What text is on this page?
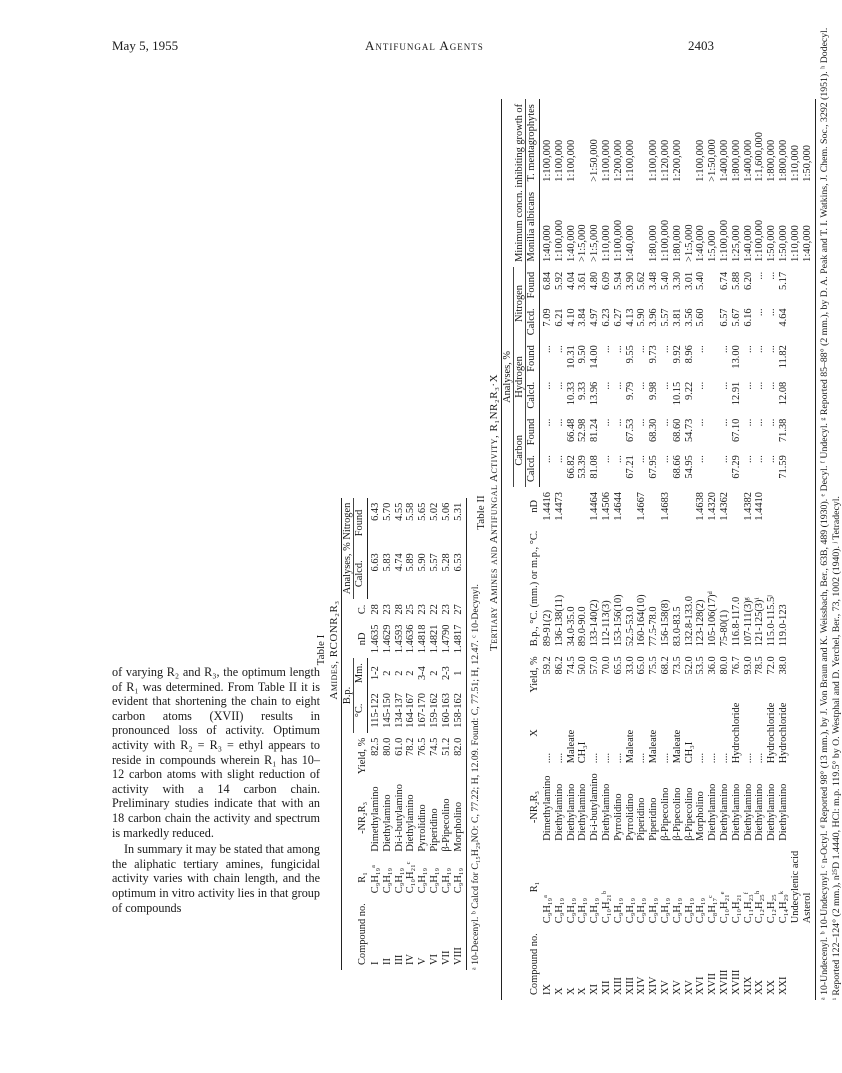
May 5, 1955	Antifungal Agents	2403

of varying R₂ and R₃, the optimum length of R₁ was determined. From Table II it is evident that shortening the chain to eight carbon atoms (XVII) results in pronounced loss of activity. Optimum activity with R₂ = R₃ = ethyl appears to reside in compounds wherein R₁ has 10–12 carbon atoms with slight reduction of activity with a 14 carbon chain. Preliminary studies indicate that with an 18 carbon chain the activity and spectrum is markedly reduced.

In summary it may be stated that among the aliphatic tertiary amines, fungicidal activity varies with chain length, and the optimum in vitro activity lies in that group of compounds

Table I Amides, RCONR₂R₃
Compound no.	R₁	-NR₂R₃	Yield, %	B.p.		nD	C.	Analyses, % Nitrogen	
				°C.	Mm.			Calcd.	Found
I	C₉H₁₉ᵃ	Dimethylamino	82.5	115-122	1-2	1.4635	28	6.63	6.43
II	C₉H₁₉	Diethylamino	80.0	145-150	2	1.4629	23	5.83	5.70
III	C₉H₁₉	Di-i-butylamino	61.0	134-137	2	1.4593	28	4.74	4.55
IV	C₁₀H₂₁ᶜ	Diethylamino	78.2	164-167	2	1.4636	25	5.89	5.58
V	C₉H₁₉	Pyrrolidino	76.5	167-170	3-4	1.4818	23	5.90	5.65
VI	C₉H₁₉	Piperidino	74.5	159-162	2	1.4821	22	5.57	5.02
VII	C₉H₁₉	β-Pipecolino	51.2	160-163	2-3	1.4790	23	5.28	5.06
VIII	C₉H₁₉	Morpholino	82.0	158-162	1	1.4817	27	6.53	5.31
ᵃ 10-Decenyl. ᵇ Calcd for C₁₅H₂₉NO: C, 77.22; H, 12.09. Found: C, 77.51; H, 12.47. ᶜ 10-Decynyl.
Table II Tertiary Amines and Antifungal Activity, R₁NR₂R₃·X
Compound no.	R₁	-NR₂R₃	X	Yield, %	B.p., °C. (mm.) or m.p., °C.	nD	Analyses, %						Minimum concn. inhibiting growth of	
							Carbon		Hydrogen		Nitrogen			
							Calcd.	Found	Calcd.	Found	Calcd.	Found	Monilia albicans	T. mentagrophytes
IX	C₉H₁₉ᵃ	Dimethylamino	....	59.2	89-91(2)	1.4416	...	...	...	...	7.09	6.84	1:40,000	1:100,000
X	C₉H₁₉	Diethylamino	....	86.2	136-138(11)	1.4473	...	...	...	...	6.21	5.92	1:100,000	1:100,000
X	C₉H₁₉	Diethylamino	Maleate	74.5	34.0-35.0		66.82	66.48	10.33	10.31	4.10	4.04	1:40,000	1:100,000
X	C₉H₁₉	Diethylamino	CH₃I	50.0	89.0-90.0		53.39	52.98	9.33	9.50	3.84	3.61	>1:5,000	
XI	C₉H₁₉	Di-i-butylamino	....	57.0	133-140(2)	1.4464	81.08	81.24	13.96	14.00	4.97	4.80	>1:5,000	>1:50,000
XII	C₁₀H₂₁ᵇ	Diethylamino	....	70.0	112-113(3)	1.4506	...	...	...	...	6.23	6.09	1:10,000	1:100,000
XIII	C₉H₁₉	Pyrrolidino	....	65.5	153-156(10)	1.4644	...	...	...	...	6.27	5.94	1:100,000	1:200,000
XIII	C₉H₁₉	Pyrrolidino	Maleate	33.0	52.5-53.0		67.21	67.53	9.79	9.55	4.13	3.90	1:40,000	1:100,000
XIV	C₉H₁₉	Piperidino	....	65.0	160-164(10)	1.4667	...	...	...	...	5.90	5.62		
XIV	C₉H₁₉	Piperidino	Maleate	75.5	77.5-78.0		67.95	68.30	9.98	9.73	3.96	3.48	1:80,000	1:100,000
XV	C₉H₁₉	β-Pipecolino	....	68.2	156-158(8)	1.4683	...	...	...	...	5.57	5.40	1:100,000	1:120,000
XV	C₉H₁₉	β-Pipecolino	Maleate	73.5	83.0-83.5		68.66	68.60	10.15	9.92	3.81	3.30	1:80,000	1:200,000
XV	C₉H₁₉	β-Pipecolino	CH₃I	52.0	132.8-133.0		54.95	54.73	9.22	8.96	3.56	3.01	>1:5,000	
XVI	C₉H₁₉	Morpholino	....	53.5	123-128(2)	1.4638	...	...	...	...	5.60	5.40	1:40,000	1:100,000
XVII	C₈H₁₇ᶜ	Diethylamino	....	36.0	105-106(17)ᵈ	1.4320							1:5,000	>1:50,000
XVIII	C₁₀H₂₁ᵉ	Diethylamino	....	80.0	75-80(1)	1.4362	...	...	...	...	6.57	6.74	1:100,000	1:400,000
XVIII	C₁₀H₂₁	Diethylamino	Hydrochloride	76.7	116.8-117.0		67.29	67.10	12.91	13.00	5.67	5.88	1:25,000	1:800,000
XIX	C₁₁H₂₃ᶠ	Diethylamino	....	93.0	107-111(3)ᵍ	1.4382	...	...	...	...	6.16	6.20	1:40,000	1:400,000
XX	C₁₂H₂₅ʰ	Diethylamino	....	78.5	121-125(3)ⁱ	1.4410	...	...	...	...	...	...	1:100,000	1:1,600,000
XX	C₁₂H₂₅	Diethylamino	Hydrochloride	72.0	115.0-115.5ʲ		...	...	...	...	...	...	1:50,000	1:800,000
XXI	C₁₄H₂₉ᵏ	Diethylamino	Hydrochloride	38.0	119.0-123		71.59	71.38	12.08	11.82	4.64	5.17	1:50,000	1:800,000
	Undecylenic acid												1:10,000	1:10,000
	Asterol												1:40,000	1:50,000 ᵃ 10-Undecenyl. ᵇ 10-Undecynyl. ᶜ n-Octyl. ᵈ Reported 98° (13 mm.), by J. Von Braun and K. Weissbach, Ber., 63B, 489 (1930). ᵉ Decyl. ᶠ Undecyl. ᵍ Reported 85–88° (2 mm.), by D. A. Peak and T. I. Watkins, J. Chem. Soc., 3292 (1951). ʰ Dodecyl. ⁱ Reported 122–124° (2 mm.), n²⁵D 1.4440, HCl: m.p. 119.5° by O. Westphal and D. Yerchel, Ber., 73, 1002 (1940). ʲ Tetradecyl.
